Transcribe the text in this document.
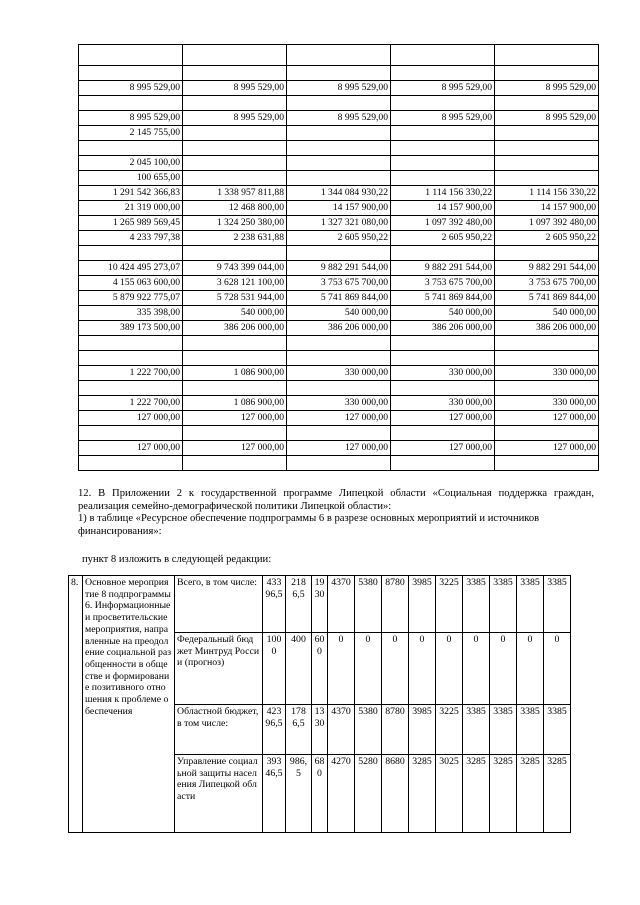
8 995 529,00	8 995 529,00	8 995 529,00	8 995 529,00	8 995 529,00

8 995 529,00	8 995 529,00	8 995 529,00	8 995 529,00	8 995 529,00
2 145 755,00				

2 045 100,00				
100 655,00				
1 291 542 366,83	1 338 957 811,88	1 344 084 930,22	1 114 156 330,22	1 114 156 330,22
21 319 000,00	12 468 800,00	14 157 900,00	14 157 900,00	14 157 900,00
1 265 989 569,45	1 324 250 380,00	1 327 321 080,00	1 097 392 480,00	1 097 392 480,00
4 233 797,38	2 238 631,88	2 605 950,22	2 605 950,22	2 605 950,22

10 424 495 273,07	9 743 399 044,00	9 882 291 544,00	9 882 291 544,00	9 882 291 544,00
4 155 063 600,00	3 628 121 100,00	3 753 675 700,00	3 753 675 700,00	3 753 675 700,00
5 879 922 775,07	5 728 531 944,00	5 741 869 844,00	5 741 869 844,00	5 741 869 844,00
335 398,00	540 000,00	540 000,00	540 000,00	540 000,00
389 173 500,00	386 206 000,00	386 206 000,00	386 206 000,00	386 206 000,00

1 222 700,00	1 086 900,00	330 000,00	330 000,00	330 000,00

1 222 700,00	1 086 900,00	330 000,00	330 000,00	330 000,00
127 000,00	127 000,00	127 000,00	127 000,00	127 000,00

127 000,00	127 000,00	127 000,00	127 000,00	127 000,00

12. В Приложении 2 к государственной программе Липецкой области «Социальная поддержка граждан, реализация семейно-демографической политики Липецкой области»:

1) в таблице «Ресурсное обеспечение подпрограммы 6 в разрезе основных мероприятий и источников финансирования»:

пункт 8 изложить в следующей редакции:

8.	Основное мероприятие 8 подпрограммы 6. Информационные и просветительские мероприятия, направленные на преодоление социальной разобщенности в обществе и формирование позитивного отношения к проблеме обеспечения	Всего, в том числе:	43396,5	2186,5	1930	4370	5380	8780	3985	3225	3385	3385	3385	3385
		Федеральный бюджет Минтруд России (прогноз)	1000	400	600	0	0	0	0	0	0	0	0	0
		Областной бюджет, в том числе:	42396,5	1786,5	1330	4370	5380	8780	3985	3225	3385	3385	3385	3385
		Управление социальной защиты населения Липецкой области	39346,5	986,5	680	4270	5280	8680	3285	3025	3285	3285	3285	3285
